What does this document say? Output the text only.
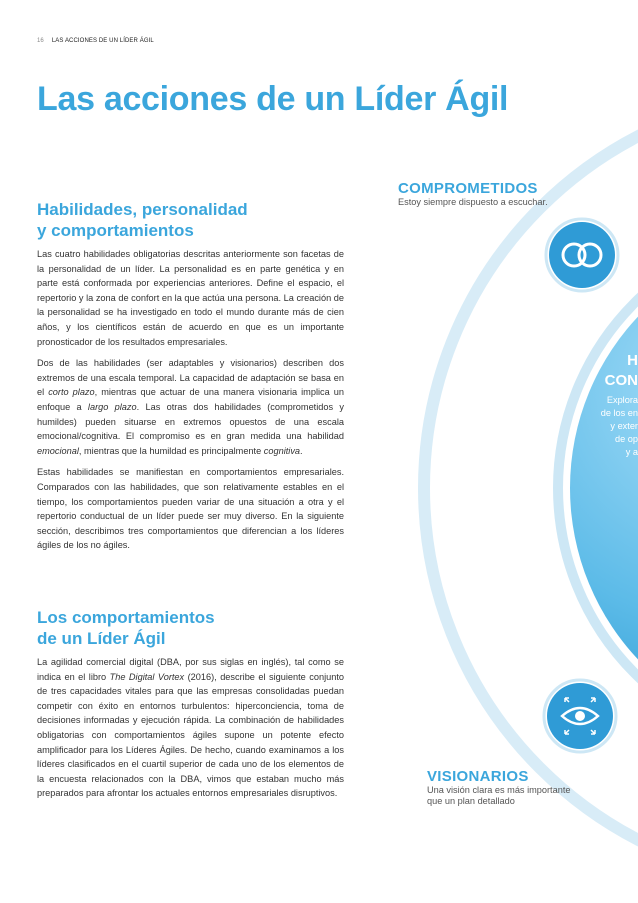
16 LAS ACCIONES DE UN LÍDER ÁGIL
Las acciones de un Líder Ágil
Habilidades, personalidad
y comportamientos

Las cuatro habilidades obligatorias descritas anteriormente son facetas de la personalidad de un líder. La personalidad es en parte genética y en parte está conformada por experiencias anteriores. Define el espacio, el repertorio y la zona de confort en la que actúa una persona. La creación de la personalidad se ha investigado en todo el mundo durante más de cien años, y los científicos están de acuerdo en que es un importante pronosticador de los resultados empresariales.

Dos de las habilidades (ser adaptables y visionarios) describen dos extremos de una escala temporal. La capacidad de adaptación se basa en el corto plazo, mientras que actuar de una manera visionaria implica un enfoque a largo plazo. Las otras dos habilidades (comprometidos y humildes) pueden situarse en extremos opuestos de una escala emocional/cognitiva. El compromiso es en gran medida una habilidad emocional, mientras que la humildad es principalmente cognitiva.

Estas habilidades se manifiestan en comportamientos empresariales. Comparados con las habilidades, que son relativamente estables en el tiempo, los comportamientos pueden variar de una situación a otra y el repertorio conductual de un líder puede ser muy diverso. En la siguiente sección, describimos tres comportamientos que diferencian a los líderes ágiles de los no ágiles.

Los comportamientos
de un Líder Ágil

La agilidad comercial digital (DBA, por sus siglas en inglés), tal como se indica en el libro The Digital Vortex (2016), describe el siguiente conjunto de tres capacidades vitales para que las empresas consolidadas puedan competir con éxito en entornos turbulentos: hiperconciencia, toma de decisiones informadas y ejecución rápida. La combinación de habilidades obligatorias con comportamientos ágiles supone un potente efecto amplificador para los Líderes Ágiles. De hecho, cuando examinamos a los líderes clasificados en el cuartil superior de cada uno de los elementos de la encuesta relacionados con la DBA, vimos que estaban mucho más preparados para afrontar los actuales entornos empresariales disruptivos.

COMPROMETIDOS
Estoy siempre dispuesto a escuchar.
VISIONARIOS
Una visión clara es más importante
que un plan detallado
H
CON
Explora
de los en
y exter
de op
y a
